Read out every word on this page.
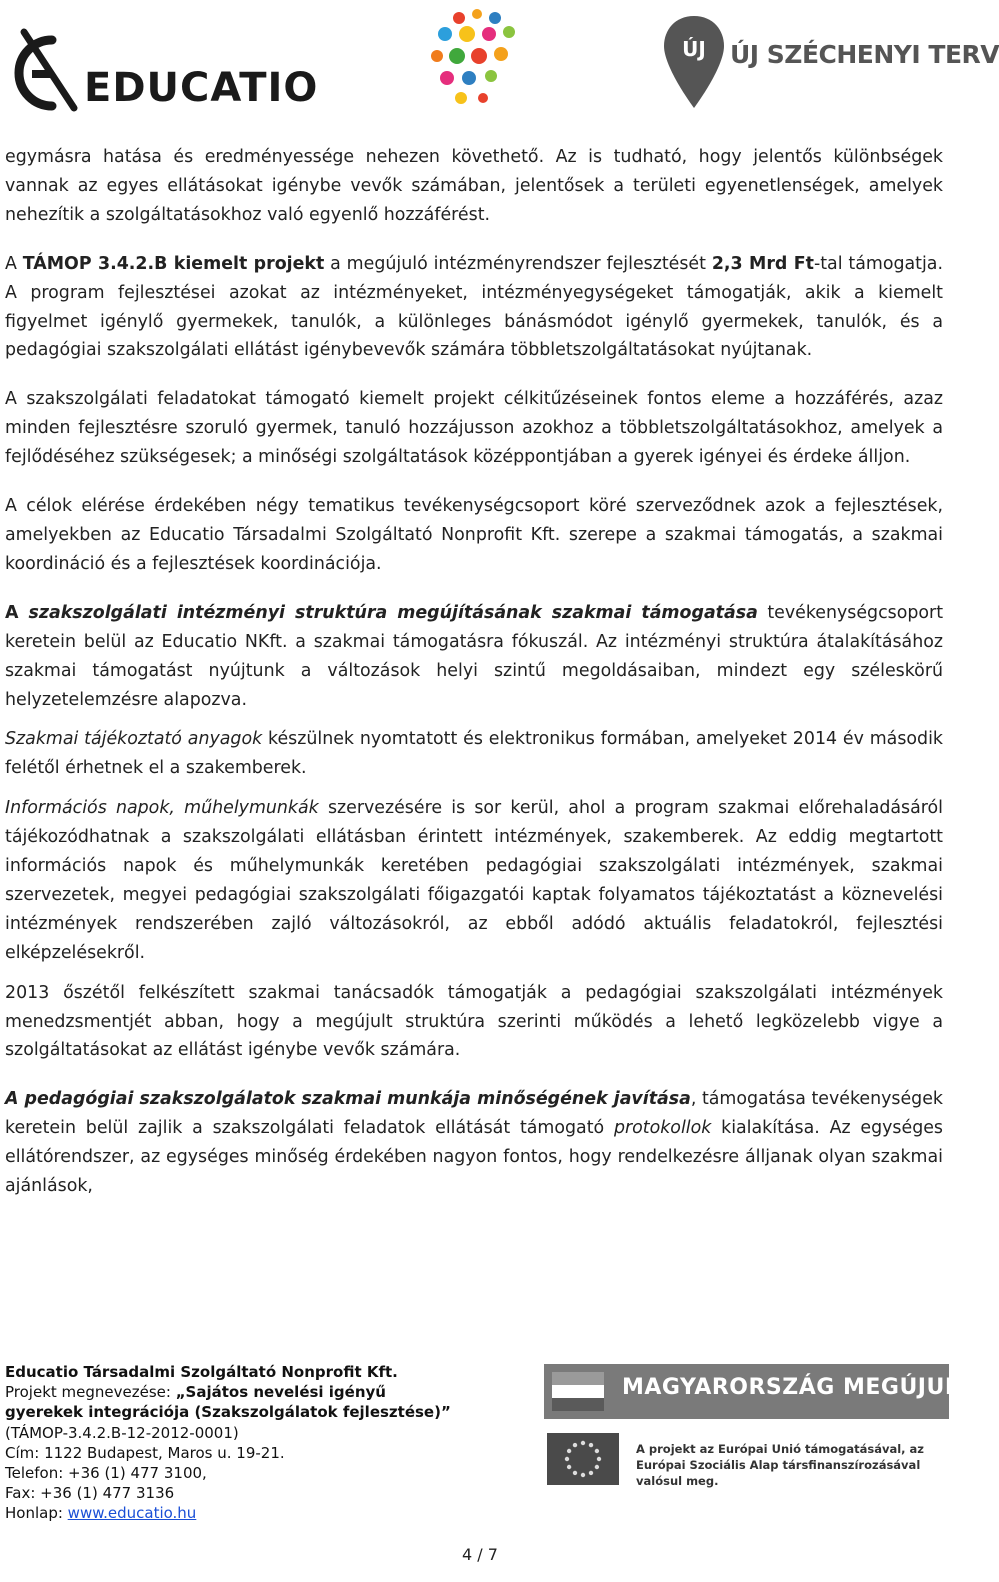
EDUCATIO
ÚJ ÚJ SZÉCHENYI TERV

egymásra hatása és eredményessége nehezen követhető. Az is tudható, hogy jelentős különbségek vannak az egyes ellátásokat igénybe vevők számában, jelentősek a területi egyenetlenségek, amelyek nehezítik a szolgáltatásokhoz való egyenlő hozzáférést.

A TÁMOP 3.4.2.B kiemelt projekt a megújuló intézményrendszer fejlesztését 2,3 Mrd Ft-tal támogatja. A program fejlesztései azokat az intézményeket, intézményegységeket támogatják, akik a kiemelt figyelmet igénylő gyermekek, tanulók, a különleges bánásmódot igénylő gyermekek, tanulók, és a pedagógiai szakszolgálati ellátást igénybevevők számára többletszolgáltatásokat nyújtanak.

A szakszolgálati feladatokat támogató kiemelt projekt célkitűzéseinek fontos eleme a hozzáférés, azaz minden fejlesztésre szoruló gyermek, tanuló hozzájusson azokhoz a többletszolgáltatásokhoz, amelyek a fejlődéséhez szükségesek; a minőségi szolgáltatások középpontjában a gyerek igényei és érdeke álljon.

A célok elérése érdekében négy tematikus tevékenységcsoport köré szerveződnek azok a fejlesztések, amelyekben az Educatio Társadalmi Szolgáltató Nonprofit Kft. szerepe a szakmai támogatás, a szakmai koordináció és a fejlesztések koordinációja.

A szakszolgálati intézményi struktúra megújításának szakmai támogatása tevékenységcsoport keretein belül az Educatio NKft. a szakmai támogatásra fókuszál. Az intézményi struktúra átalakításához szakmai támogatást nyújtunk a változások helyi szintű megoldásaiban, mindezt egy széleskörű helyzetelemzésre alapozva.

Szakmai tájékoztató anyagok készülnek nyomtatott és elektronikus formában, amelyeket 2014 év második felétől érhetnek el a szakemberek.

Információs napok, műhelymunkák szervezésére is sor kerül, ahol a program szakmai előrehaladásáról tájékozódhatnak a szakszolgálati ellátásban érintett intézmények, szakemberek. Az eddig megtartott információs napok és műhelymunkák keretében pedagógiai szakszolgálati intézmények, szakmai szervezetek, megyei pedagógiai szakszolgálati főigazgatói kaptak folyamatos tájékoztatást a köznevelési intézmények rendszerében zajló változásokról, az ebből adódó aktuális feladatokról, fejlesztési elképzelésekről.

2013 őszétől felkészített szakmai tanácsadók támogatják a pedagógiai szakszolgálati intézmények menedzsmentjét abban, hogy a megújult struktúra szerinti működés a lehető legközelebb vigye a szolgáltatásokat az ellátást igénybe vevők számára.

A pedagógiai szakszolgálatok szakmai munkája minőségének javítása, támogatása tevékenységek keretein belül zajlik a szakszolgálati feladatok ellátását támogató protokollok kialakítása. Az egységes ellátórendszer, az egységes minőség érdekében nagyon fontos, hogy rendelkezésre álljanak olyan szakmai ajánlások,

Educatio Társadalmi Szolgáltató Nonprofit Kft.
Projekt megnevezése: „Sajátos nevelési igényű
gyerekek integrációja (Szakszolgálatok fejlesztése)”
(TÁMOP-3.4.2.B-12-2012-0001)
Cím: 1122 Budapest, Maros u. 19-21.
Telefon: +36 (1) 477 3100,
Fax: +36 (1) 477 3136
Honlap: www.educatio.hu
MAGYARORSZÁG MEGÚJUL
A projekt az Európai Unió támogatásával, az Európai Szociális Alap társfinanszírozásával valósul meg.
4 / 7
